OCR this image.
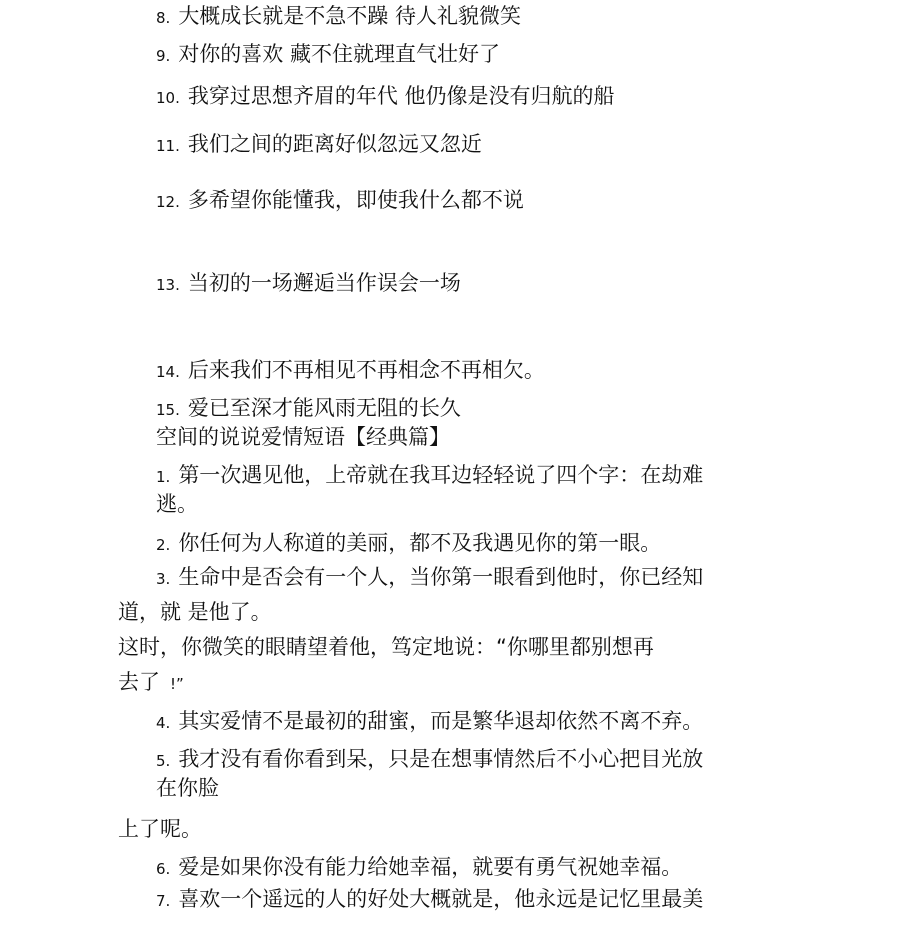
8. 大概成长就是不急不躁 待人礼貌微笑
9. 对你的喜欢 藏不住就理直气壮好了
10. 我穿过思想齐眉的年代 他仍像是没有归航的船
11. 我们之间的距离好似忽远又忽近
12. 多希望你能懂我，即使我什么都不说
13. 当初的一场邂逅当作误会一场
14. 后来我们不再相见不再相念不再相欠。
15. 爱已至深才能风雨无阻的长久
空间的说说爱情短语【经典篇】
1. 第一次遇见他，上帝就在我耳边轻轻说了四个字：在劫难
逃。
2. 你任何为人称道的美丽，都不及我遇见你的第一眼。
3. 生命中是否会有一个人，当你第一眼看到他时，你已经知
道，就 是他了。
这时，你微笑的眼睛望着他，笃定地说：“你哪里都别想再
去了 !”
4. 其实爱情不是最初的甜蜜，而是繁华退却依然不离不弃。
5. 我才没有看你看到呆，只是在想事情然后不小心把目光放
在你脸
上了呢。
6. 爱是如果你没有能力给她幸福，就要有勇气祝她幸福。
7. 喜欢一个遥远的人的好处大概就是，他永远是记忆里最美
